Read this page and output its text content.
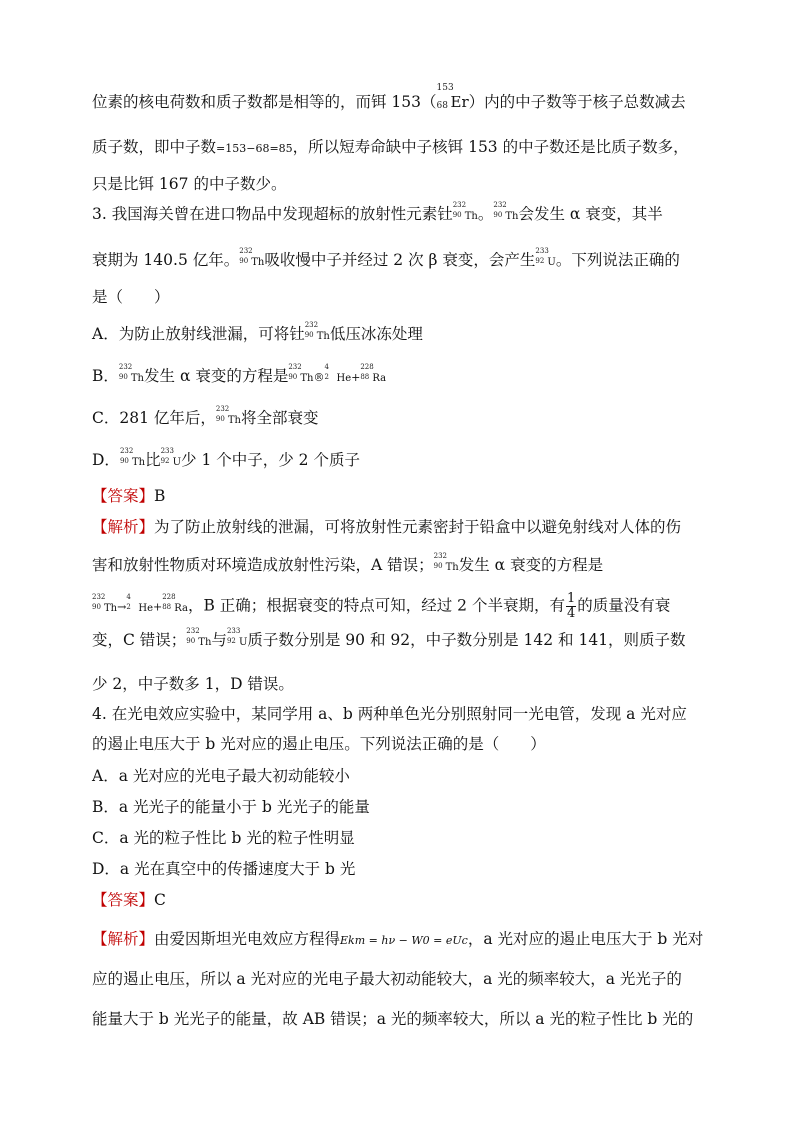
位素的核电荷数和质子数都是相等的，而铒 153（
153
68 Er）内的中子数等于核子总数减去
质子数，即中子数=153−68=85，所以短寿命缺中子核铒 153 的中子数还是比质子数多，
只是比铒 167 的中子数少。
3. 我国海关曾在进口物品中发现超标的放射性元素钍 232
90 Th。 232
90 Th会发生 α 衰变，其半
衰期为 140.5 亿年。 232
90 Th吸收慢中子并经过 2 次 β 衰变，会产生 233
92 U。下列说法正确的
是（　　）
A．为防止放射线泄漏，可将钍 232
90 Th低压冰冻处理
B． 232
90 Th发生 α 衰变的方程是 232
90 Th®
4
2 He+
228
88 Ra
C．281 亿年后， 232
90 Th将全部衰变
D． 232
90 Th比 233
92 U少 1 个中子，少 2 个质子
【答案】B
【解析】为了防止放射线的泄漏，可将放射性元素密封于铅盒中以避免射线对人体的伤
害和放射性物质对环境造成放射性污染，A 错误； 232
90 Th发生 α 衰变的方程是
232
90 Th→
4
2 He+
228
88 Ra，B 正确；根据衰变的特点可知，经过 2 个半衰期，有 $\frac{1}{4}$ 的质量没有衰
变，C 错误； 232
90 Th与 233
92 U质子数分别是 90 和 92，中子数分别是 142 和 141，则质子数
少 2，中子数多 1，D 错误。
4. 在光电效应实验中，某同学用 a、b 两种单色光分别照射同一光电管，发现 a 光对应
的遏止电压大于 b 光对应的遏止电压。下列说法正确的是（　　）
A．a 光对应的光电子最大初动能较小
B．a 光光子的能量小于 b 光光子的能量
C．a 光的粒子性比 b 光的粒子性明显
D．a 光在真空中的传播速度大于 b 光
【答案】C
【解析】由爱因斯坦光电效应方程得Ekm = hν − W0 = eUc，a 光对应的遏止电压大于 b 光对
应的遏止电压，所以 a 光对应的光电子最大初动能较大，a 光的频率较大，a 光光子的
能量大于 b 光光子的能量，故 AB 错误；a 光的频率较大，所以 a 光的粒子性比 b 光的
